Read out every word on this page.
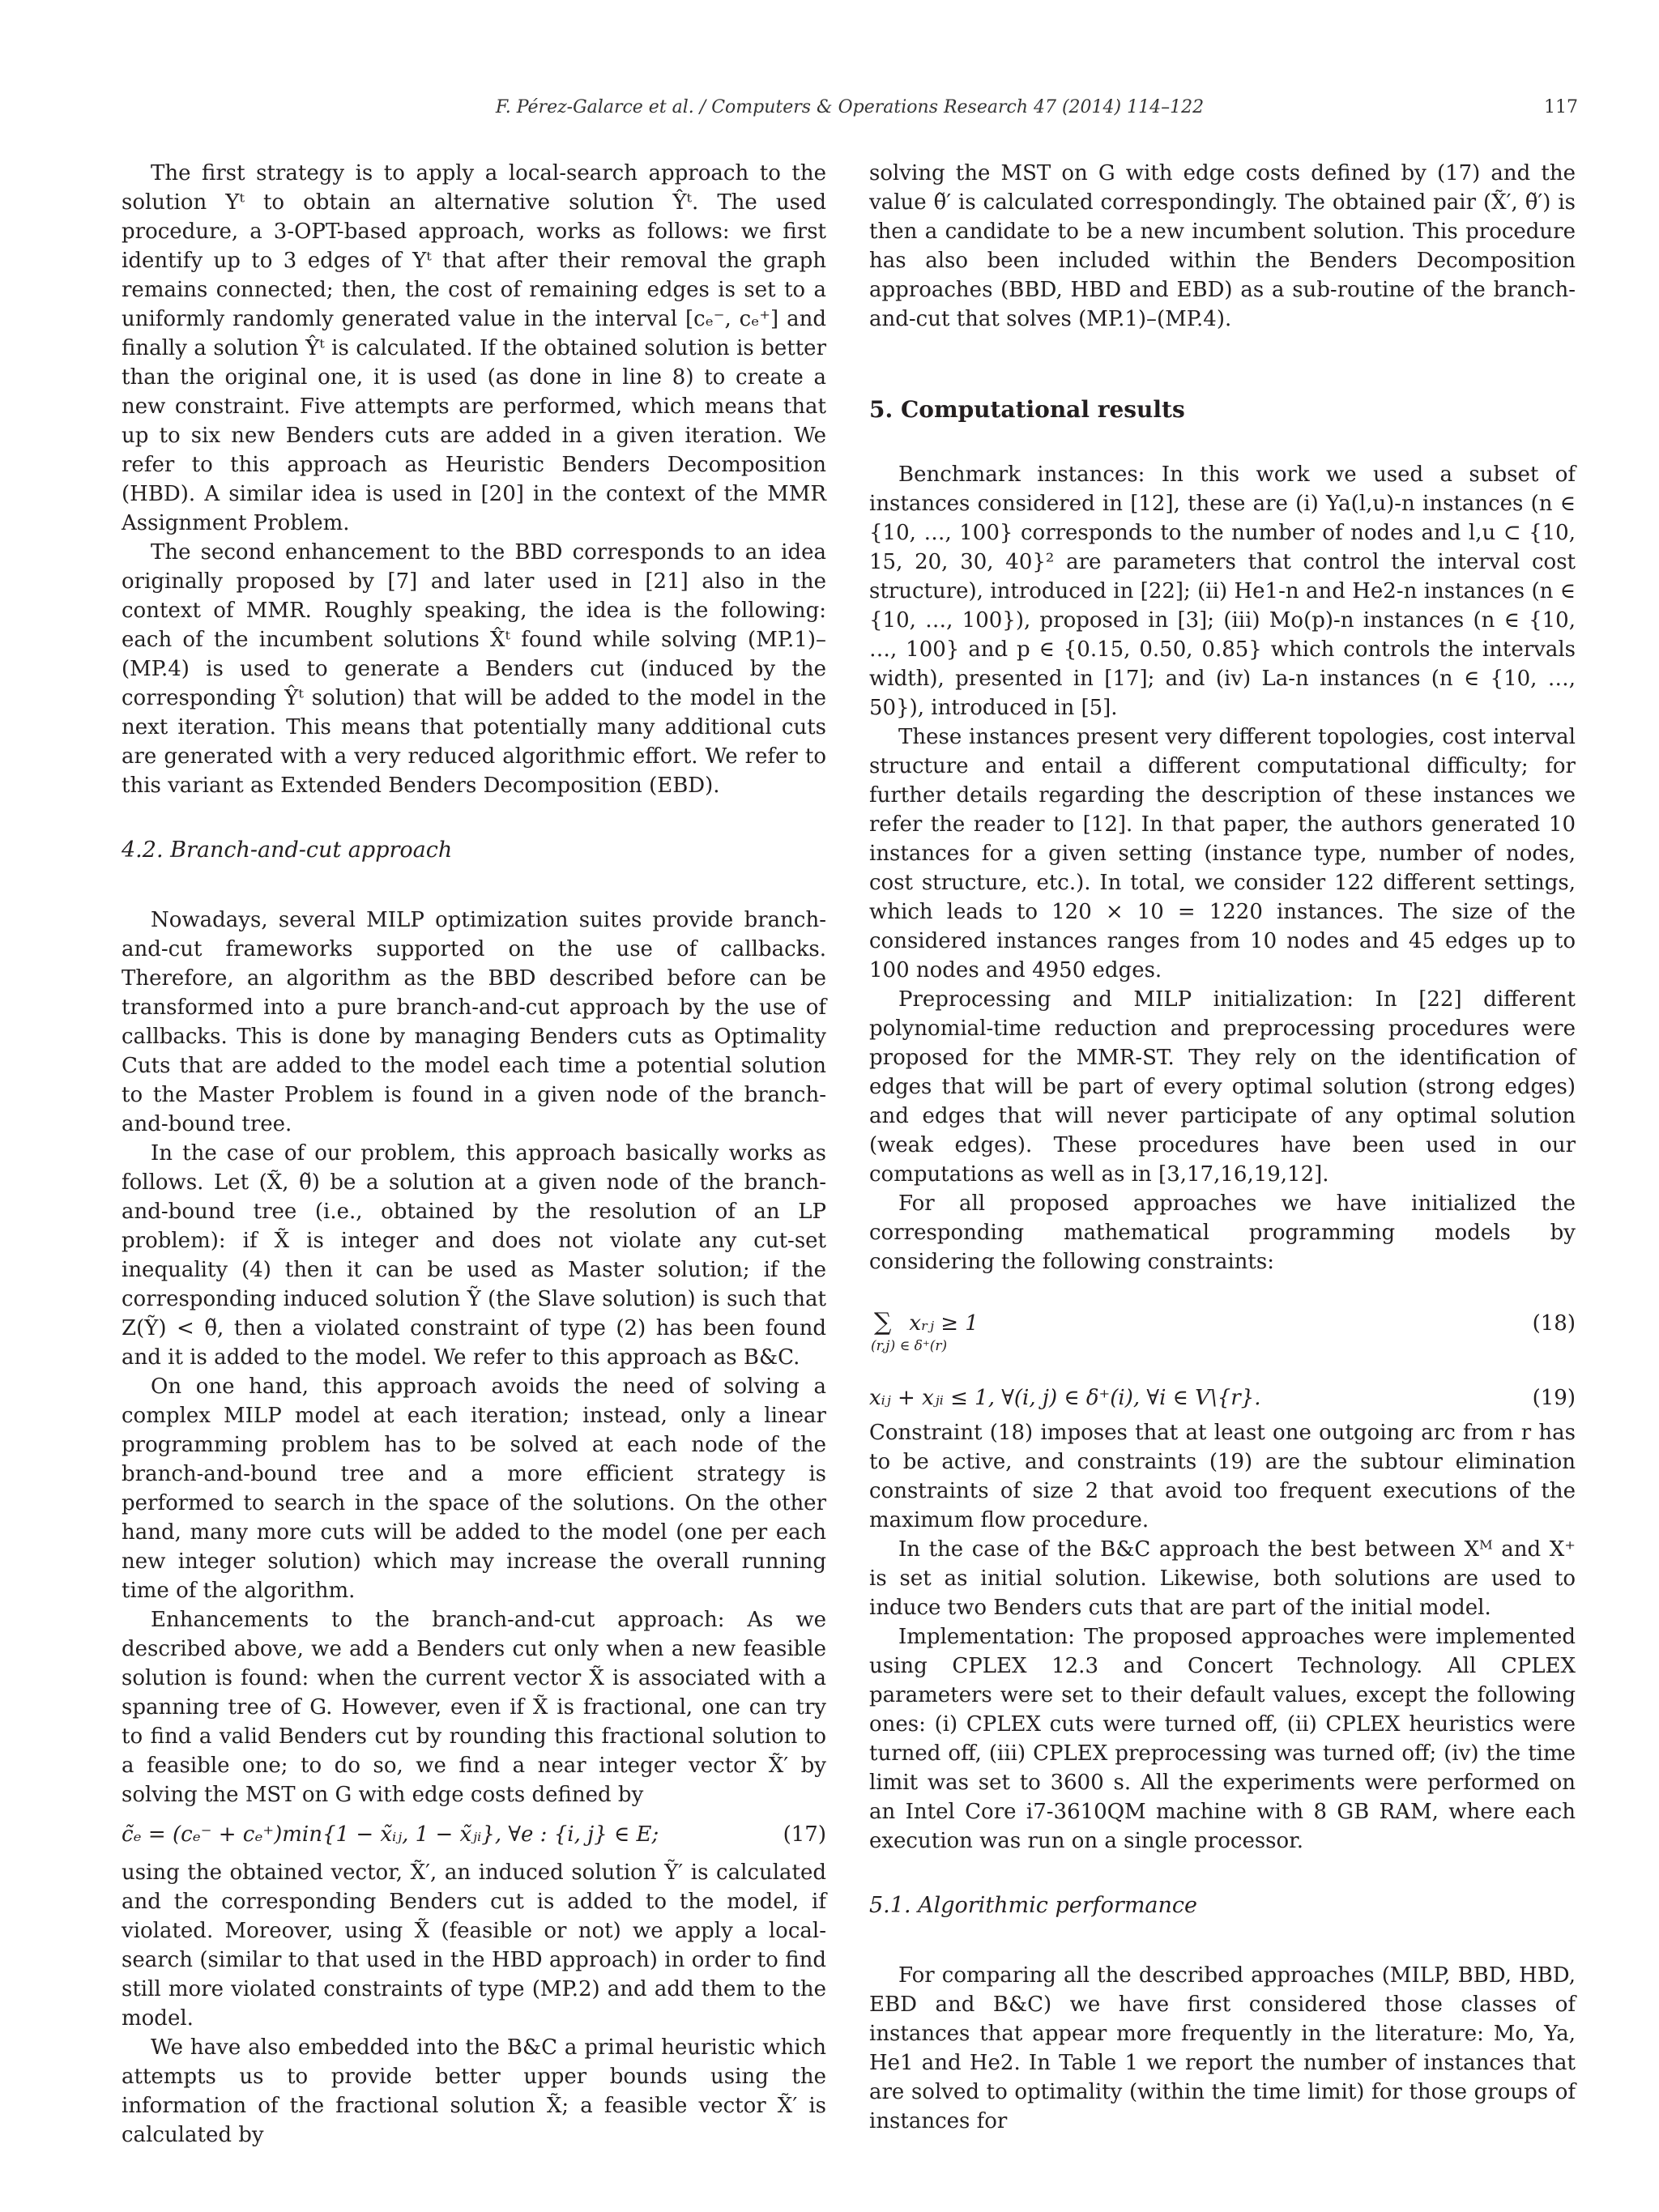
F. Pérez-Galarce et al. / Computers & Operations Research 47 (2014) 114–122	117

The first strategy is to apply a local-search approach to the solution Yᵗ to obtain an alternative solution Ŷᵗ. The used procedure, a 3-OPT-based approach, works as follows: we first identify up to 3 edges of Yᵗ that after their removal the graph remains connected; then, the cost of remaining edges is set to a uniformly randomly generated value in the interval [cₑ⁻, cₑ⁺] and finally a solution Ŷᵗ is calculated. If the obtained solution is better than the original one, it is used (as done in line 8) to create a new constraint. Five attempts are performed, which means that up to six new Benders cuts are added in a given iteration. We refer to this approach as Heuristic Benders Decomposition (HBD). A similar idea is used in [20] in the context of the MMR Assignment Problem.

The second enhancement to the BBD corresponds to an idea originally proposed by [7] and later used in [21] also in the context of MMR. Roughly speaking, the idea is the following: each of the incumbent solutions X̂ᵗ found while solving (MP.1)–(MP.4) is used to generate a Benders cut (induced by the corresponding Ŷᵗ solution) that will be added to the model in the next iteration. This means that potentially many additional cuts are generated with a very reduced algorithmic effort. We refer to this variant as Extended Benders Decomposition (EBD).

4.2. Branch-and-cut approach

Nowadays, several MILP optimization suites provide branch-and-cut frameworks supported on the use of callbacks. Therefore, an algorithm as the BBD described before can be transformed into a pure branch-and-cut approach by the use of callbacks. This is done by managing Benders cuts as Optimality Cuts that are added to the model each time a potential solution to the Master Problem is found in a given node of the branch-and-bound tree.

In the case of our problem, this approach basically works as follows. Let (X̃, θ̃) be a solution at a given node of the branch-and-bound tree (i.e., obtained by the resolution of an LP problem): if X̃ is integer and does not violate any cut-set inequality (4) then it can be used as Master solution; if the corresponding induced solution Ỹ (the Slave solution) is such that Z(Ỹ) < θ̃, then a violated constraint of type (2) has been found and it is added to the model. We refer to this approach as B&C.

On one hand, this approach avoids the need of solving a complex MILP model at each iteration; instead, only a linear programming problem has to be solved at each node of the branch-and-bound tree and a more efficient strategy is performed to search in the space of the solutions. On the other hand, many more cuts will be added to the model (one per each new integer solution) which may increase the overall running time of the algorithm.

Enhancements to the branch-and-cut approach: As we described above, we add a Benders cut only when a new feasible solution is found: when the current vector X̃ is associated with a spanning tree of G. However, even if X̃ is fractional, one can try to find a valid Benders cut by rounding this fractional solution to a feasible one; to do so, we find a near integer vector X̃′ by solving the MST on G with edge costs defined by

c̃ₑ = (cₑ⁻ + cₑ⁺)min{1 − x̃ᵢⱼ, 1 − x̃ⱼᵢ}, ∀e : {i, j} ∈ E;	(17)

using the obtained vector, X̃′, an induced solution Ỹ′ is calculated and the corresponding Benders cut is added to the model, if violated. Moreover, using X̃ (feasible or not) we apply a local-search (similar to that used in the HBD approach) in order to find still more violated constraints of type (MP.2) and add them to the model.

We have also embedded into the B&C a primal heuristic which attempts us to provide better upper bounds using the information of the fractional solution X̃; a feasible vector X̃′ is calculated by

solving the MST on G with edge costs defined by (17) and the value θ̃′ is calculated correspondingly. The obtained pair (X̃′, θ̃′) is then a candidate to be a new incumbent solution. This procedure has also been included within the Benders Decomposition approaches (BBD, HBD and EBD) as a sub-routine of the branch-and-cut that solves (MP.1)–(MP.4).

5. Computational results

Benchmark instances: In this work we used a subset of instances considered in [12], these are (i) Ya(l,u)-n instances (n ∈ {10, …, 100} corresponds to the number of nodes and l,u ⊂ {10, 15, 20, 30, 40}² are parameters that control the interval cost structure), introduced in [22]; (ii) He1-n and He2-n instances (n ∈ {10, …, 100}), proposed in [3]; (iii) Mo(p)-n instances (n ∈ {10, …, 100} and p ∈ {0.15, 0.50, 0.85} which controls the intervals width), presented in [17]; and (iv) La-n instances (n ∈ {10, …, 50}), introduced in [5].

These instances present very different topologies, cost interval structure and entail a different computational difficulty; for further details regarding the description of these instances we refer the reader to [12]. In that paper, the authors generated 10 instances for a given setting (instance type, number of nodes, cost structure, etc.). In total, we consider 122 different settings, which leads to 120 × 10 = 1220 instances. The size of the considered instances ranges from 10 nodes and 45 edges up to 100 nodes and 4950 edges.

Preprocessing and MILP initialization: In [22] different polynomial-time reduction and preprocessing procedures were proposed for the MMR-ST. They rely on the identification of edges that will be part of every optimal solution (strong edges) and edges that will never participate of any optimal solution (weak edges). These procedures have been used in our computations as well as in [3,17,16,19,12].

For all proposed approaches we have initialized the corresponding mathematical programming models by considering the following constraints:

∑ xᵣⱼ ≥ 1	(18)
(r,j) ∈ δ⁺(r)
xᵢⱼ + xⱼᵢ ≤ 1, ∀(i, j) ∈ δ⁺(i), ∀i ∈ V\{r}.	(19)

Constraint (18) imposes that at least one outgoing arc from r has to be active, and constraints (19) are the subtour elimination constraints of size 2 that avoid too frequent executions of the maximum flow procedure.

In the case of the B&C approach the best between Xᴹ and X⁺ is set as initial solution. Likewise, both solutions are used to induce two Benders cuts that are part of the initial model.

Implementation: The proposed approaches were implemented using CPLEX 12.3 and Concert Technology. All CPLEX parameters were set to their default values, except the following ones: (i) CPLEX cuts were turned off, (ii) CPLEX heuristics were turned off, (iii) CPLEX preprocessing was turned off; (iv) the time limit was set to 3600 s. All the experiments were performed on an Intel Core i7-3610QM machine with 8 GB RAM, where each execution was run on a single processor.

5.1. Algorithmic performance

For comparing all the described approaches (MILP, BBD, HBD, EBD and B&C) we have first considered those classes of instances that appear more frequently in the literature: Mo, Ya, He1 and He2. In Table 1 we report the number of instances that are solved to optimality (within the time limit) for those groups of instances for
